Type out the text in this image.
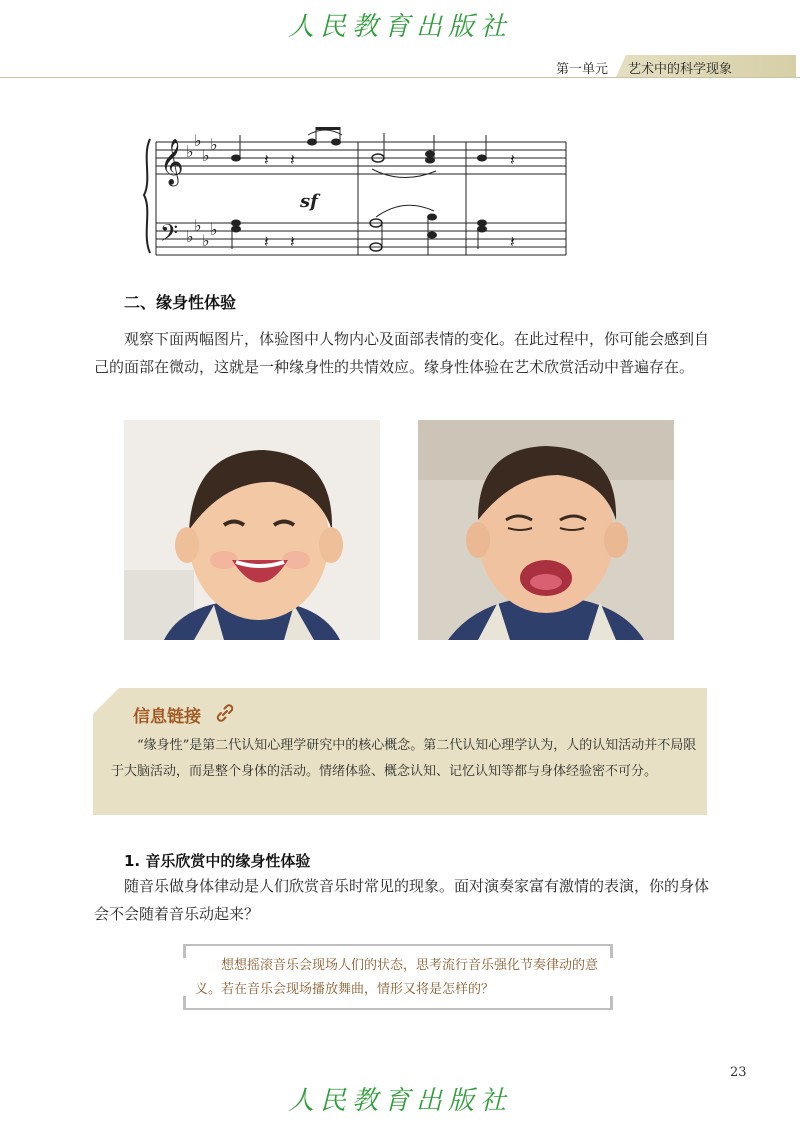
人民教育出版社
第一单元 艺术中的科学现象
𝄞
𝄢
♭
♭
♭
♭
♭
♭
♭
♭
𝄽 𝄽
sf
𝄽 𝄽
𝄽
𝄽
二、缘身性体验
观察下面两幅图片，体验图中人物内心及面部表情的变化。在此过程中，你可能会感到自己的面部在微动，这就是一种缘身性的共情效应。缘身性体验在艺术欣赏活动中普遍存在。
信息链接
“缘身性”是第二代认知心理学研究中的核心概念。第二代认知心理学认为，人的认知活动并不局限于大脑活动，而是整个身体的活动。情绪体验、概念认知、记忆认知等都与身体经验密不可分。
1. 音乐欣赏中的缘身性体验
随音乐做身体律动是人们欣赏音乐时常见的现象。面对演奏家富有激情的表演，你的身体会不会随着音乐动起来？
想想摇滚音乐会现场人们的状态，思考流行音乐强化节奏律动的意义。若在音乐会现场播放舞曲，情形又将是怎样的？
23
人民教育出版社
